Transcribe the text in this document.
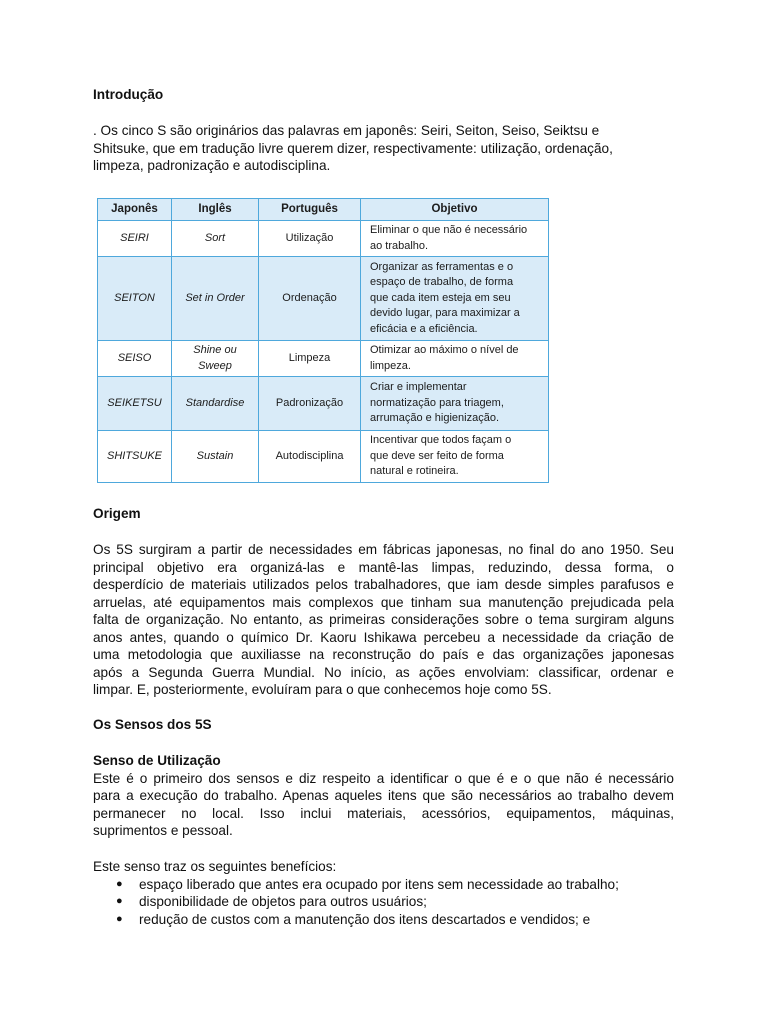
Introdução
. Os cinco S são originários das palavras em japonês: Seiri, Seiton, Seiso, Seiktsu e
Shitsuke, que em tradução livre querem dizer, respectivamente: utilização, ordenação,
limpeza, padronização e autodisciplina.
Japonês	Inglês	Português	Objetivo
SEIRI	Sort	Utilização	Eliminar o que não é necessário
ao trabalho.
SEITON	Set in Order	Ordenação	Organizar as ferramentas e o
espaço de trabalho, de forma
que cada item esteja em seu
devido lugar, para maximizar a
eficácia e a eficiência.
SEISO	Shine ou
Sweep	Limpeza	Otimizar ao máximo o nível de
limpeza.
SEIKETSU	Standardise	Padronização	Criar e implementar
normatização para triagem,
arrumação e higienização.
SHITSUKE	Sustain	Autodisciplina	Incentivar que todos façam o
que deve ser feito de forma
natural e rotineira.
Origem
Os 5S surgiram a partir de necessidades em fábricas japonesas, no final do ano 1950. Seu
principal objetivo era organizá-las e mantê-las limpas, reduzindo, dessa forma, o
desperdício de materiais utilizados pelos trabalhadores, que iam desde simples parafusos e
arruelas, até equipamentos mais complexos que tinham sua manutenção prejudicada pela
falta de organização. No entanto, as primeiras considerações sobre o tema surgiram alguns
anos antes, quando o químico Dr. Kaoru Ishikawa percebeu a necessidade da criação de
uma metodologia que auxiliasse na reconstrução do país e das organizações japonesas
após a Segunda Guerra Mundial. No início, as ações envolviam: classificar, ordenar e
limpar. E, posteriormente, evoluíram para o que conhecemos hoje como 5S.
Os Sensos dos 5S
Senso de Utilização
Este é o primeiro dos sensos e diz respeito a identificar o que é e o que não é necessário
para a execução do trabalho. Apenas aqueles itens que são necessários ao trabalho devem
permanecer no local. Isso inclui materiais, acessórios, equipamentos, máquinas,
suprimentos e pessoal.
Este senso traz os seguintes benefícios:
● espaço liberado que antes era ocupado por itens sem necessidade ao trabalho;
● disponibilidade de objetos para outros usuários;
● redução de custos com a manutenção dos itens descartados e vendidos; e
